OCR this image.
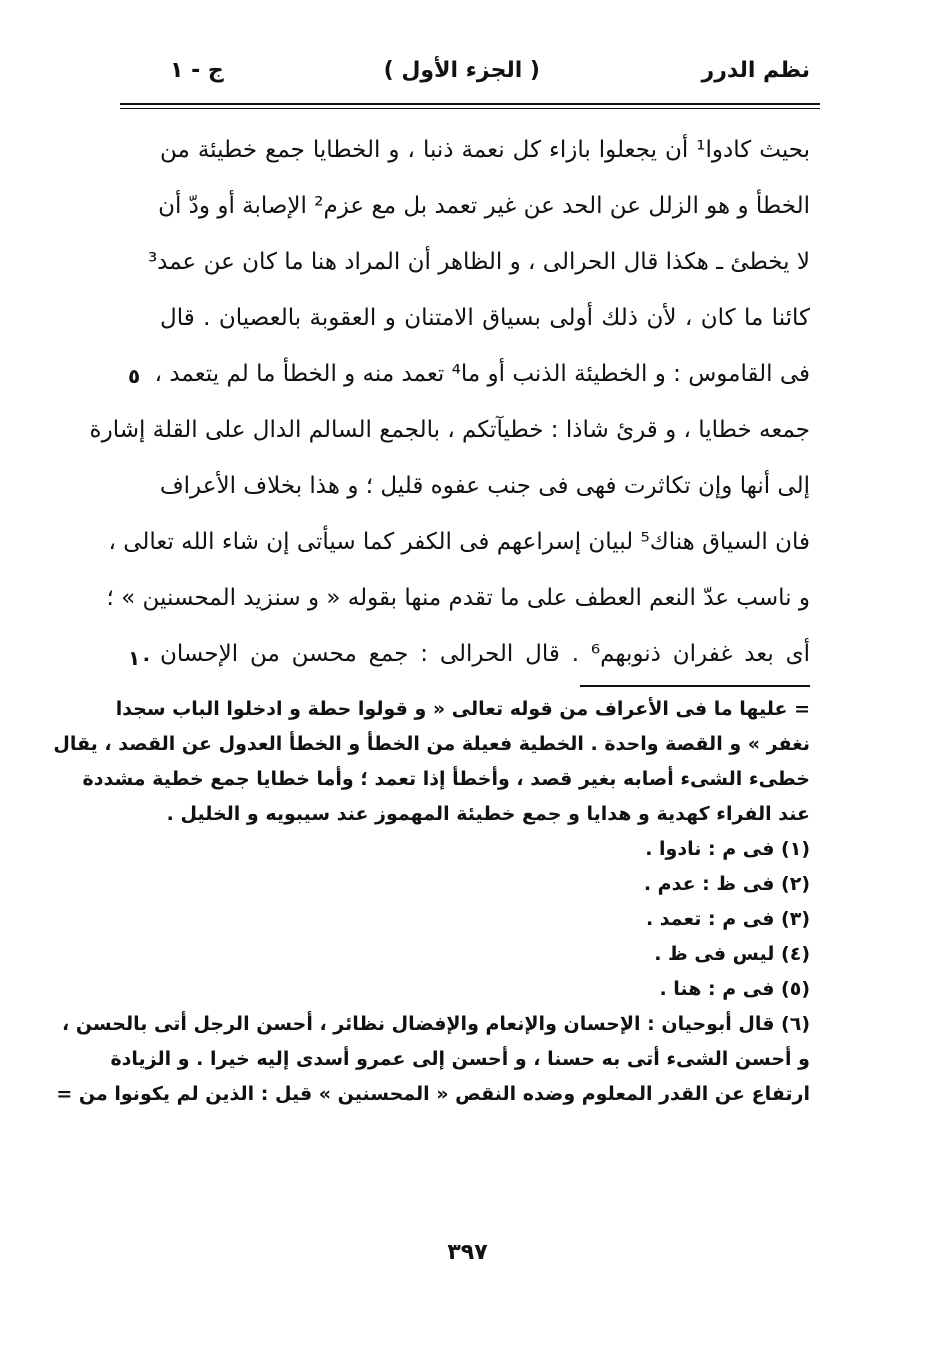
نظم الدرر
( الجزء الأول )
ج - ١
بحيث كادوا¹ أن يجعلوا بازاء كل نعمة ذنبا ، و الخطايا جمع خطيئة من
الخطأ و هو الزلل عن الحد عن غير تعمد بل مع عزم² الإصابة أو ودّ أن
لا يخطئ ـ هكذا قال الحرالى ، و الظاهر أن المراد هنا ما كان عن عمد³
كائنا ما كان ، لأن ذلك أولى بسياق الامتنان و العقوبة بالعصيان . قال
فى القاموس : و الخطيئة الذنب أو ما⁴ تعمد منه و الخطأ ما لم يتعمد ،
جمعه خطايا ، و قرئ شاذا : خطيآتكم ، بالجمع السالم الدال على القلة إشارة
إلى أنها وإن تكاثرت فهى فى جنب عفوه قليل ؛ و هذا بخلاف الأعراف
فان السياق هناك⁵ لبيان إسراعهم فى الكفر كما سيأتى إن شاء الله تعالى ،
و ناسب عدّ النعم العطف على ما تقدم منها بقوله « و سنزيد المحسنين » ؛
أى بعد غفران ذنوبهم⁶ . قال الحرالى : جمع محسن من الإحسان
٥
١٠
= عليها ما فى الأعراف من قوله تعالى « و قولوا حطة و ادخلوا الباب سجدا
نغفر » و القصة واحدة . الخطية فعيلة من الخطأ و الخطأ العدول عن القصد ، يقال
خطىء الشىء أصابه بغير قصد ، وأخطأ إذا تعمد ؛ وأما خطايا جمع خطية مشددة
عند الفراء كهدية و هدايا و جمع خطيئة المهموز عند سيبويه و الخليل .
(١) فى م : نادوا .
(٢) فى ظ : عدم .
(٣) فى م : تعمد .
(٤) ليس فى ظ .
(٥) فى م : هنا .
(٦) قال أبوحيان : الإحسان والإنعام والإفضال نظائر ، أحسن الرجل أتى بالحسن ،
و أحسن الشىء أتى به حسنا ، و أحسن إلى عمرو أسدى إليه خيرا . و الزيادة
ارتفاع عن القدر المعلوم وضده النقص « المحسنين » قيل : الذين لم يكونوا من =
٣٩٧
